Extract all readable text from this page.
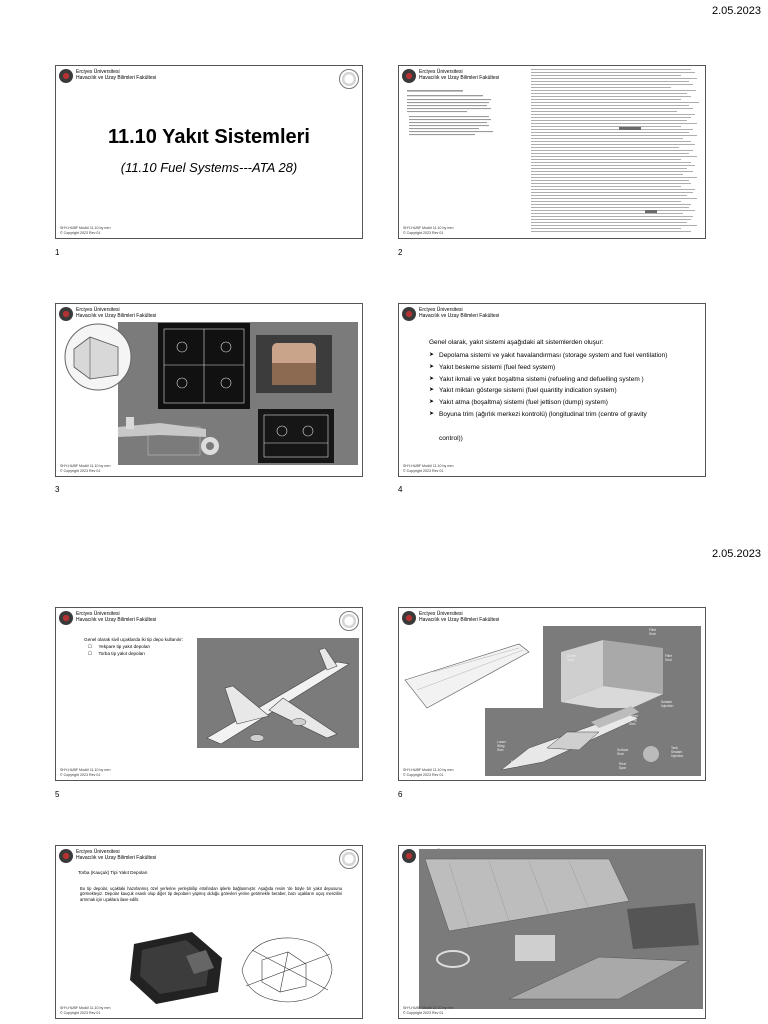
2.05.2023
2.05.2023
Erciyes Üniversitesi
Havacılık ve Uzay Bilimleri Fakültesi
11.10 Yakıt Sistemleri
(11.10 Fuel Systems---ATA 28)
SHY-HUBF Modül 11.10 by mrn
© Copyright 2023 Rev 01
1
Erciyes Üniversitesi
Havacılık ve Uzay Bilimleri Fakültesi
SHY-HUBF Modül 11.10 by mrn
© Copyright 2023 Rev 01
2
Erciyes Üniversitesi
Havacılık ve Uzay Bilimleri Fakültesi
SHY-HUBF Modül 11.10 by mrn
© Copyright 2023 Rev 01
3
Erciyes Üniversitesi
Havacılık ve Uzay Bilimleri Fakültesi
Genel olarak, yakıt sistemi aşağıdaki alt sistemlerden oluşur:
➤ Depolama sistemi ve yakıt havalandırması (storage system and fuel ventilation)
➤ Yakıt besleme sistemi (fuel feed system)
➤ Yakıt ikmali ve yakıt boşaltma sistemi (refueling and defuelling system )
➤ Yakıt miktarı gösterge sistemi (fuel quantity indication system)
➤ Yakıt atma (boşaltma) sistemi (fuel jettison (dump) system)
➤ Boyuna trim (ağırlık merkezi kontrolü) (longitudinal trim (centre of gravity
control))
SHY-HUBF Modül 11.10 by mrn
© Copyright 2023 Rev 01
4
Erciyes Üniversitesi
Havacılık ve Uzay Bilimleri Fakültesi
Genel olarak sivil uçaklarda iki tip depo kullanılır:
☐ Yekpare tip yakıt depoları
☐ Torba tip yakıt depoları
SHY-HUBF Modül 11.10 by mrn
© Copyright 2023 Rev 01
5
Erciyes Üniversitesi
Havacılık ve Uzay Bilimleri Fakültesi
Fillet Seal
Dome Seal
Fillet Seal
Sealant Injection
Upper Wing Skin
Lower Wing Skin	Surface Seal
Fillet Seal	Rear Spar
Tank Sealant Injection
SHY-HUBF Modül 11.10 by mrn
© Copyright 2023 Rev 01
6
Erciyes Üniversitesi
Havacılık ve Uzay Bilimleri Fakültesi
Torba (Kauçuk) Tipi Yakıt Depoları
Bu tip depolar, uçaktaki hazırlanmış özel yerlerine yerleştirilip etrafından iplerle bağlanmıştır. Aşağıda resim 'de böyle bir yakıt deposunu görmekteyiz. Depolar kauçuk esaslı olup diğer tip depoların yapmış olduğu görevleri yerine getirmekle beraber, bazı uçakların uçuş menzilini artırmak için uçaklara ilave edilir.
SHY-HUBF Modül 11.10 by mrn
© Copyright 2023 Rev 01
SHY-HUBF Modül 11.10 by mrn
© Copyright 2023 Rev 01
